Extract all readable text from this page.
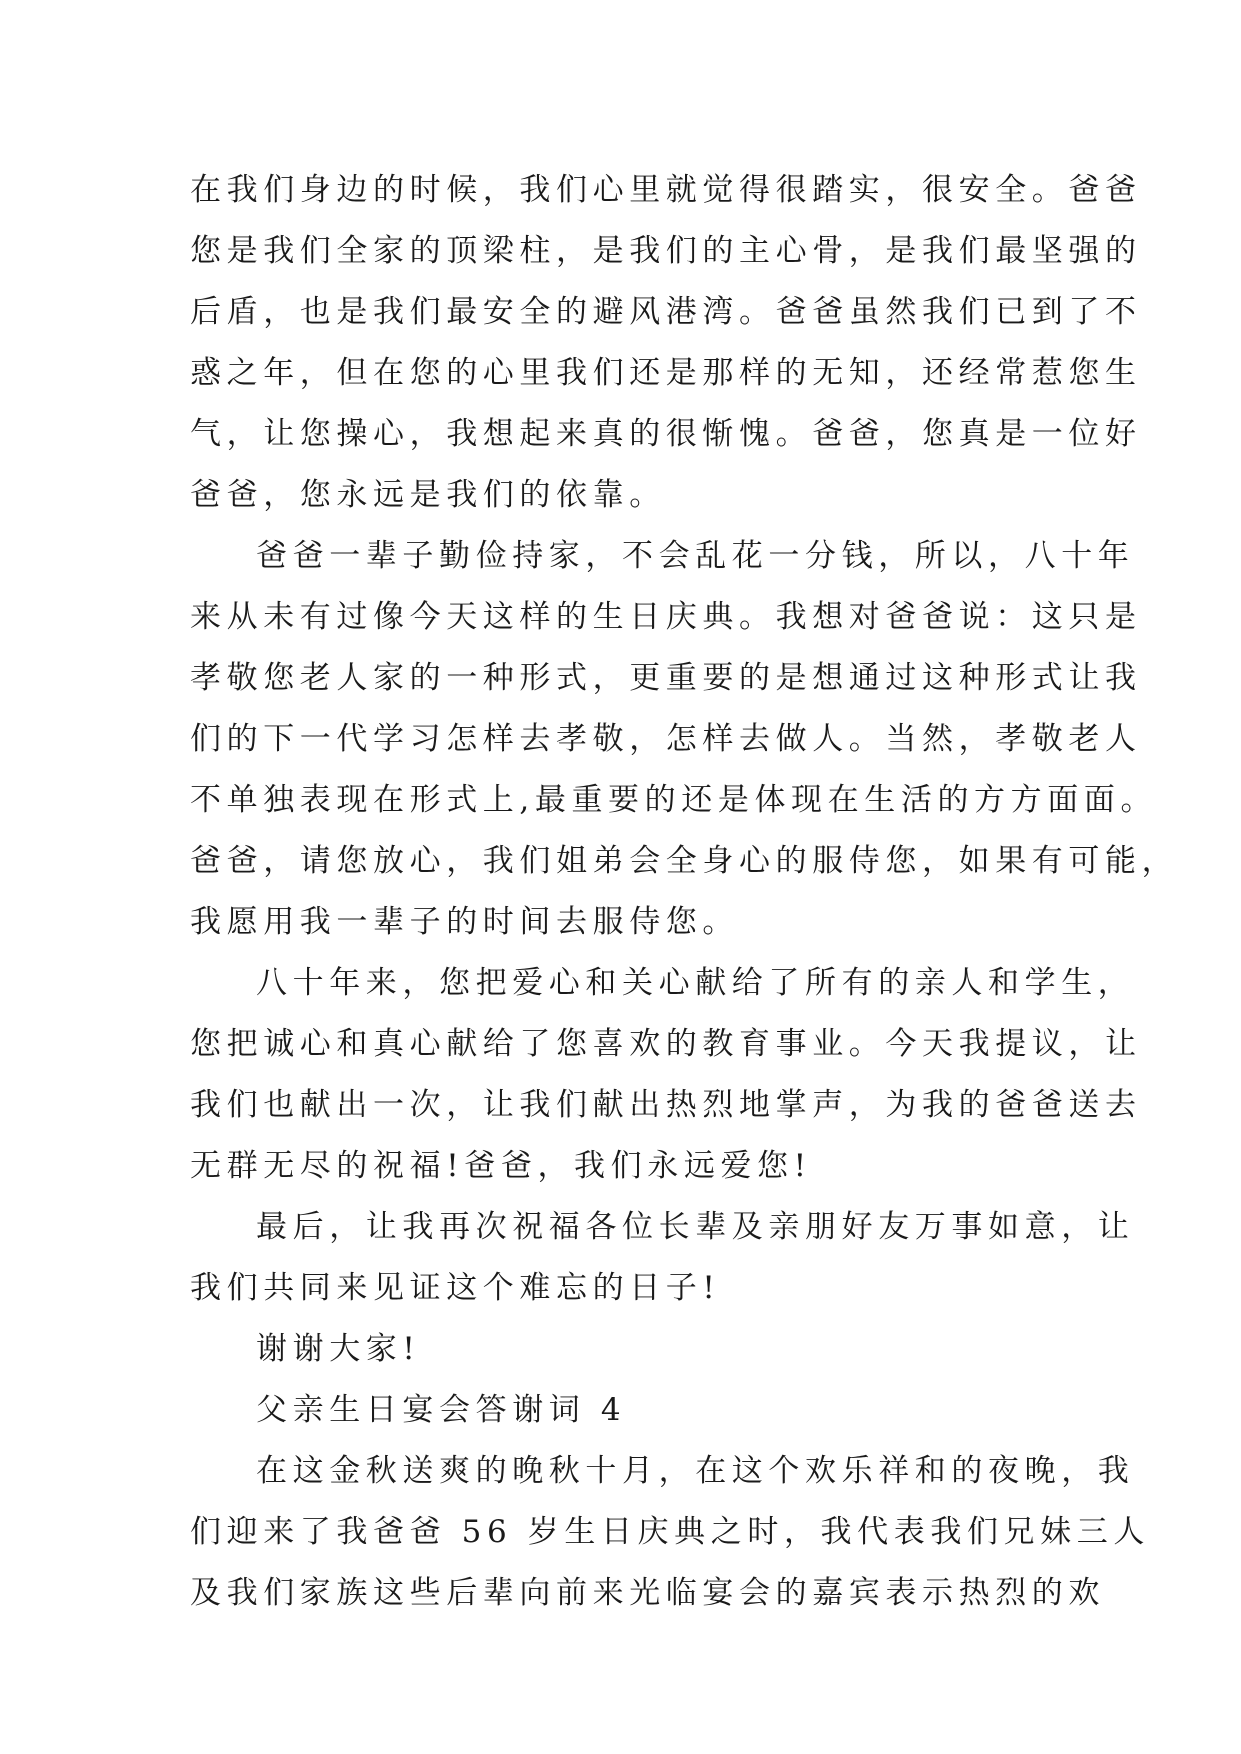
在我们身边的时候，我们心里就觉得很踏实，很安全。爸爸
您是我们全家的顶梁柱，是我们的主心骨，是我们最坚强的
后盾，也是我们最安全的避风港湾。爸爸虽然我们已到了不
惑之年，但在您的心里我们还是那样的无知，还经常惹您生
气，让您操心，我想起来真的很惭愧。爸爸，您真是一位好
爸爸，您永远是我们的依靠。
爸爸一辈子勤俭持家，不会乱花一分钱，所以，八十年
来从未有过像今天这样的生日庆典。我想对爸爸说：这只是
孝敬您老人家的一种形式，更重要的是想通过这种形式让我
们的下一代学习怎样去孝敬，怎样去做人。当然，孝敬老人
不单独表现在形式上,最重要的还是体现在生活的方方面面。
爸爸，请您放心，我们姐弟会全身心的服侍您，如果有可能，
我愿用我一辈子的时间去服侍您。
八十年来，您把爱心和关心献给了所有的亲人和学生，
您把诚心和真心献给了您喜欢的教育事业。今天我提议，让
我们也献出一次，让我们献出热烈地掌声，为我的爸爸送去
无群无尽的祝福!爸爸，我们永远爱您!
最后，让我再次祝福各位长辈及亲朋好友万事如意，让
我们共同来见证这个难忘的日子!
谢谢大家!
父亲生日宴会答谢词 4
在这金秋送爽的晚秋十月，在这个欢乐祥和的夜晚，我
们迎来了我爸爸 56 岁生日庆典之时，我代表我们兄妹三人
及我们家族这些后辈向前来光临宴会的嘉宾表示热烈的欢
